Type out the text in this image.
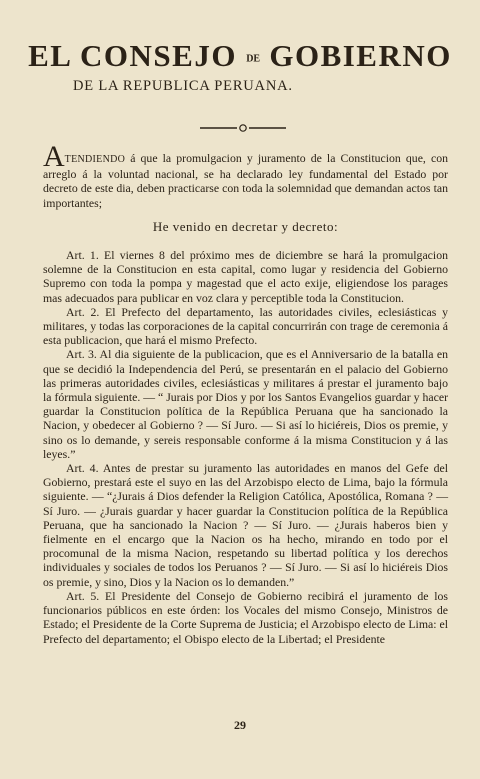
EL CONSEJO DE GOBIERNO
DE LA REPUBLICA PERUANA.

ATENDIENDO á que la promulgacion y juramento de la Constitucion que, con arreglo á la voluntad nacional, se ha declarado ley fundamental del Estado por decreto de este dia, deben practicarse con toda la solemnidad que demandan actos tan importantes;

He venido en decretar y decreto:

Art. 1. El viernes 8 del próximo mes de diciembre se hará la promulgacion solemne de la Constitucion en esta capital, como lugar y residencia del Gobierno Supremo con toda la pompa y magestad que el acto exije, eligiendose los parages mas adecuados para publicar en voz clara y perceptible toda la Constitucion.

Art. 2. El Prefecto del departamento, las autoridades civiles, eclesiásticas y militares, y todas las corporaciones de la capital concurrirán con trage de ceremonia á esta publicacion, que hará el mismo Prefecto.

Art. 3. Al dia siguiente de la publicacion, que es el Anniversario de la batalla en que se decidió la Independencia del Perú, se presentarán en el palacio del Gobierno las primeras autoridades civiles, eclesiásticas y militares á prestar el juramento bajo la fórmula siguiente. — “ Jurais por Dios y por los Santos Evangelios guardar y hacer guardar la Constitucion política de la República Peruana que ha sancionado la Nacion, y obedecer al Gobierno ? — Sí Juro. — Si así lo hiciéreis, Dios os premie, y sino os lo demande, y sereis responsable conforme á la misma Constitucion y á las leyes.”

Art. 4. Antes de prestar su juramento las autoridades en manos del Gefe del Gobierno, prestará este el suyo en las del Arzobispo electo de Lima, bajo la fórmula siguiente. — “¿Jurais á Dios defender la Religion Católica, Apostólica, Romana ? — Sí Juro. — ¿Jurais guardar y hacer guardar la Constitucion política de la República Peruana, que ha sancionado la Nacion ? — Sí Juro. — ¿Jurais haberos bien y fielmente en el encargo que la Nacion os ha hecho, mirando en todo por el procomunal de la misma Nacion, respetando su libertad política y los derechos individuales y sociales de todos los Peruanos ? — Sí Juro. — Si así lo hiciéreis Dios os premie, y sino, Dios y la Nacion os lo demanden.”

Art. 5. El Presidente del Consejo de Gobierno recibirá el juramento de los funcionarios públicos en este órden: los Vocales del mismo Consejo, Ministros de Estado; el Presidente de la Corte Suprema de Justicia; el Arzobispo electo de Lima: el Prefecto del departamento; el Obispo electo de la Libertad; el Presidente

29
